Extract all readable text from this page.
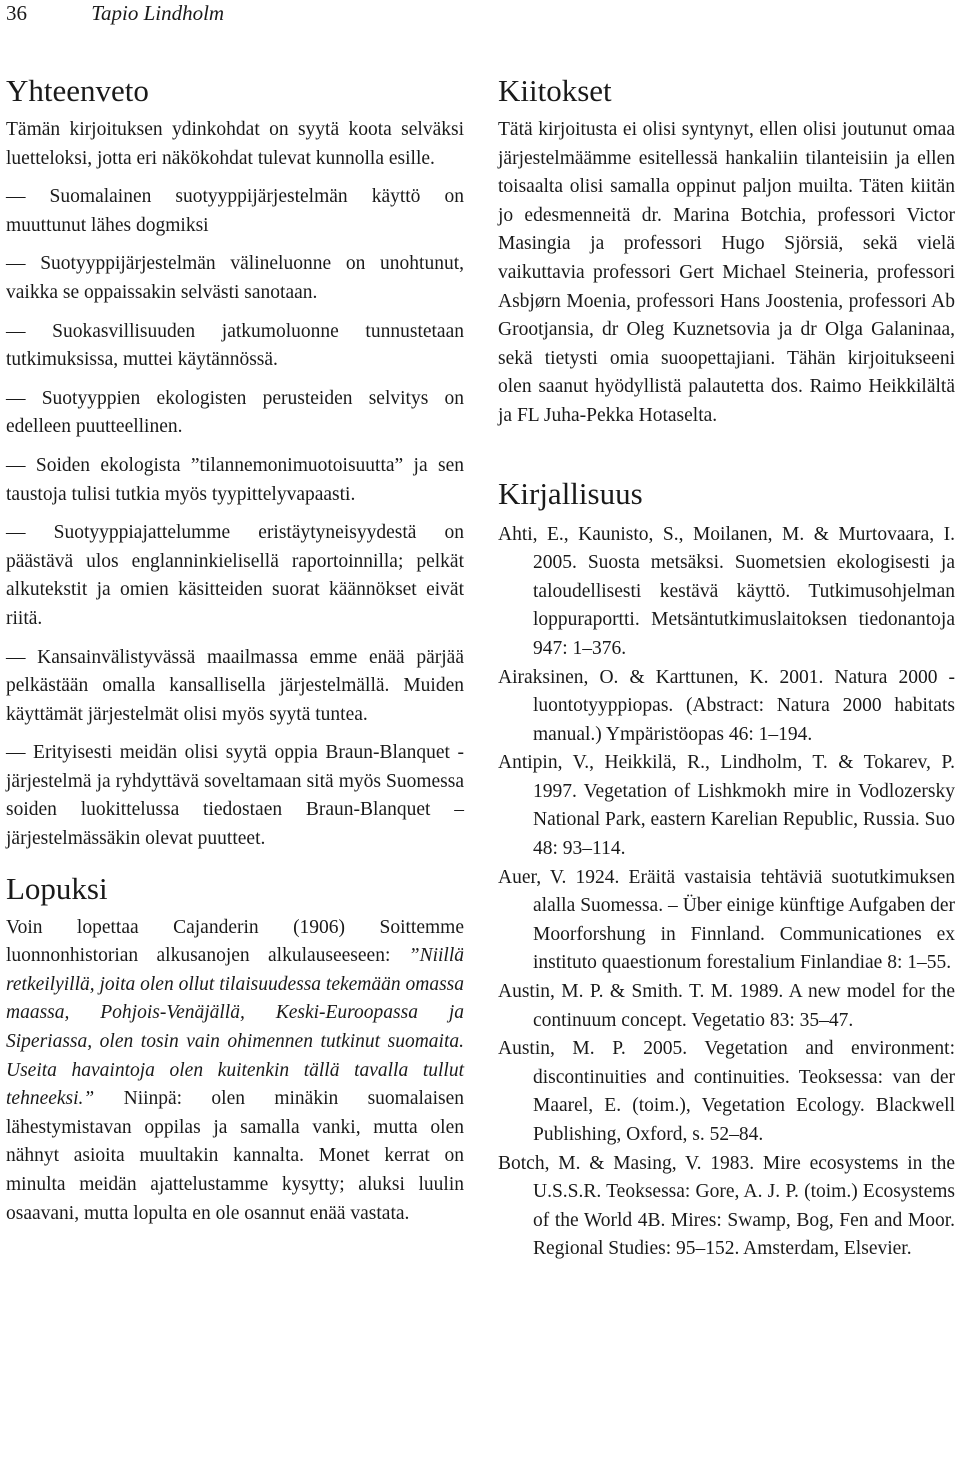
36	Tapio Lindholm
Yhteenveto

Tämän kirjoituksen ydinkohdat on syytä koota selväksi luetteloksi, jotta eri näkökohdat tulevat kunnolla esille.

— Suomalainen suotyyppijärjestelmän käyttö on muuttunut lähes dogmiksi

— Suotyyppijärjestelmän välineluonne on unohtunut, vaikka se oppaissakin selvästi sanotaan.

— Suokasvillisuuden jatkumoluonne tunnustetaan tutkimuksissa, muttei käytännössä.

— Suotyyppien ekologisten perusteiden selvitys on edelleen puutteellinen.

— Soiden ekologista ”tilannemonimuotoisuutta” ja sen taustoja tulisi tutkia myös tyypittelyvapaasti.

— Suotyyppiajattelumme eristäytyneisyydestä on päästävä ulos englanninkielisellä raportoinnilla; pelkät alkutekstit ja omien käsitteiden suorat käännökset eivät riitä.

— Kansainvälistyvässä maailmassa emme enää pärjää pelkästään omalla kansallisella järjestelmällä. Muiden käyttämät järjestelmät olisi myös syytä tuntea.

— Erityisesti meidän olisi syytä oppia Braun-Blanquet -järjestelmä ja ryhdyttävä soveltamaan sitä myös Suomessa soiden luokittelussa tiedostaen Braun-Blanquet –järjestelmässäkin olevat puutteet.

Lopuksi

Voin lopettaa Cajanderin (1906) Soittemme luonnonhistorian alkusanojen alkulauseeseen: ”Niillä retkeilyillä, joita olen ollut tilaisuudessa tekemään omassa maassa, Pohjois-Venäjällä, Keski-Euroopassa ja Siperiassa, olen tosin vain ohimennen tutkinut suomaita. Useita havaintoja olen kuitenkin tällä tavalla tullut tehneeksi.” Niinpä: olen minäkin suomalaisen lähestymistavan oppilas ja samalla vanki, mutta olen nähnyt asioita muultakin kannalta. Monet kerrat on minulta meidän ajattelustamme kysytty; aluksi luulin osaavani, mutta lopulta en ole osannut enää vastata.

Kiitokset

Tätä kirjoitusta ei olisi syntynyt, ellen olisi joutunut omaa järjestelmäämme esitellessä hankaliin tilanteisiin ja ellen toisaalta olisi samalla oppinut paljon muilta. Täten kiitän jo edesmenneitä dr. Marina Botchia, professori Victor Masingia ja professori Hugo Sjörsiä, sekä vielä vaikuttavia professori Gert Michael Steineria, professori Asbjørn Moenia, professori Hans Joostenia, professori Ab Grootjansia, dr Oleg Kuznetsovia ja dr Olga Galaninaa, sekä tietysti omia suoopettajiani. Tähän kirjoitukseeni olen saanut hyödyllistä palautetta dos. Raimo Heikkilältä ja FL Juha-Pekka Hotaselta.

Kirjallisuus

Ahti, E., Kaunisto, S., Moilanen, M. & Murtovaara, I. 2005. Suosta metsäksi. Suometsien ekologisesti ja taloudellisesti kestävä käyttö. Tutkimusohjelman loppuraportti. Metsäntutkimuslaitoksen tiedonantoja 947: 1–376.

Airaksinen, O. & Karttunen, K. 2001. Natura 2000 -luontotyyppiopas. (Abstract: Natura 2000 habitats manual.) Ympäristöopas 46: 1–194.

Antipin, V., Heikkilä, R., Lindholm, T. & Tokarev, P. 1997. Vegetation of Lishkmokh mire in Vodlozersky National Park, eastern Karelian Republic, Russia. Suo 48: 93–114.

Auer, V. 1924. Eräitä vastaisia tehtäviä suotutkimuksen alalla Suomessa. – Über einige künftige Aufgaben der Moorforshung in Finnland. Communicationes ex instituto quaestionum forestalium Finlandiae 8: 1–55.

Austin, M. P. & Smith. T. M. 1989. A new model for the continuum concept. Vegetatio 83: 35–47.

Austin, M. P. 2005. Vegetation and environment: discontinuities and continuities. Teoksessa: van der Maarel, E. (toim.), Vegetation Ecology. Blackwell Publishing, Oxford, s. 52–84.

Botch, M. & Masing, V. 1983. Mire ecosystems in the U.S.S.R. Teoksessa: Gore, A. J. P. (toim.) Ecosystems of the World 4B. Mires: Swamp, Bog, Fen and Moor. Regional Studies: 95–152. Amsterdam, Elsevier.
